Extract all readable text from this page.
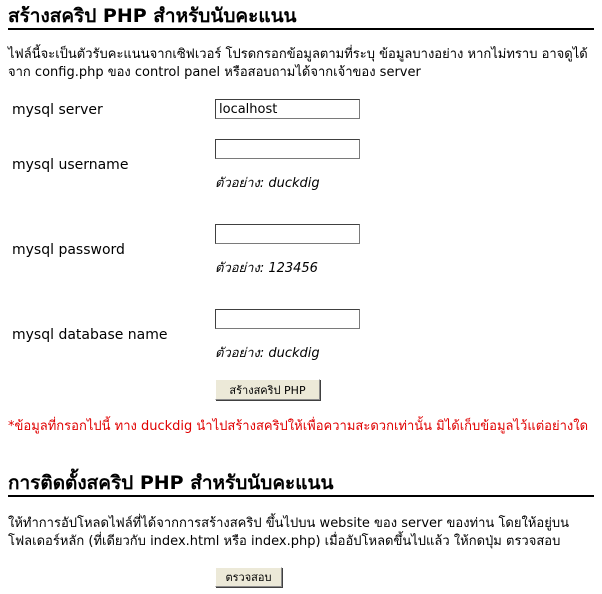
สร้างสคริป PHP สำหรับนับคะแนน
ไฟล์นี้จะเป็นตัวรับคะแนนจากเซิฟเวอร์ โปรดกรอกข้อมูลตามที่ระบุ ข้อมูลบางอย่าง หากไม่ทราบ อาจดูได้จาก config.php ของ control panel หรือสอบถามได้จากเจ้าของ server
mysql server
localhost
mysql username
ตัวอย่าง: duckdig
mysql password
ตัวอย่าง: 123456
mysql database name
ตัวอย่าง: duckdig
สร้างสคริป PHP
*ข้อมูลที่กรอกไปนี้ ทาง duckdig นำไปสร้างสคริปให้เพื่อความสะดวกเท่านั้น มิได้เก็บข้อมูลไว้แต่อย่างใด
การติดตั้งสคริป PHP สำหรับนับคะแนน
ให้ทำการอัปโหลดไฟล์ที่ได้จากการสร้างสคริป ขึ้นไปบน website ของ server ของท่าน โดยให้อยู่บนโฟลเดอร์หลัก (ที่เดียวกับ index.html หรือ index.php) เมื่ออัปโหลดขึ้นไปแล้ว ให้กดปุ่ม ตรวจสอบ
ตรวจสอบ
